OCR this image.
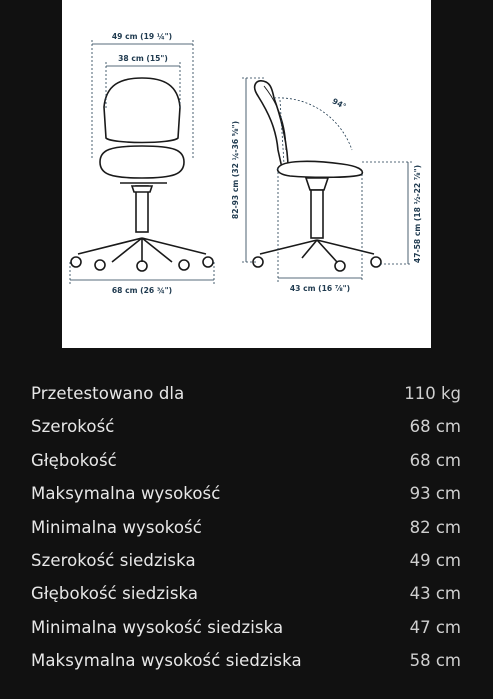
49 cm (19 ¼")
38 cm (15")
68 cm (26 ¾")
82-93 cm (32 ¼-36 ⅝")
94°
47-58 cm (18 ½-22 ⅞")
43 cm (16 ⅞")
Przetestowano dla	110 kg
Szerokość	68 cm
Głębokość	68 cm
Maksymalna wysokość	93 cm
Minimalna wysokość	82 cm
Szerokość siedziska	49 cm
Głębokość siedziska	43 cm
Minimalna wysokość siedziska	47 cm
Maksymalna wysokość siedziska	58 cm
